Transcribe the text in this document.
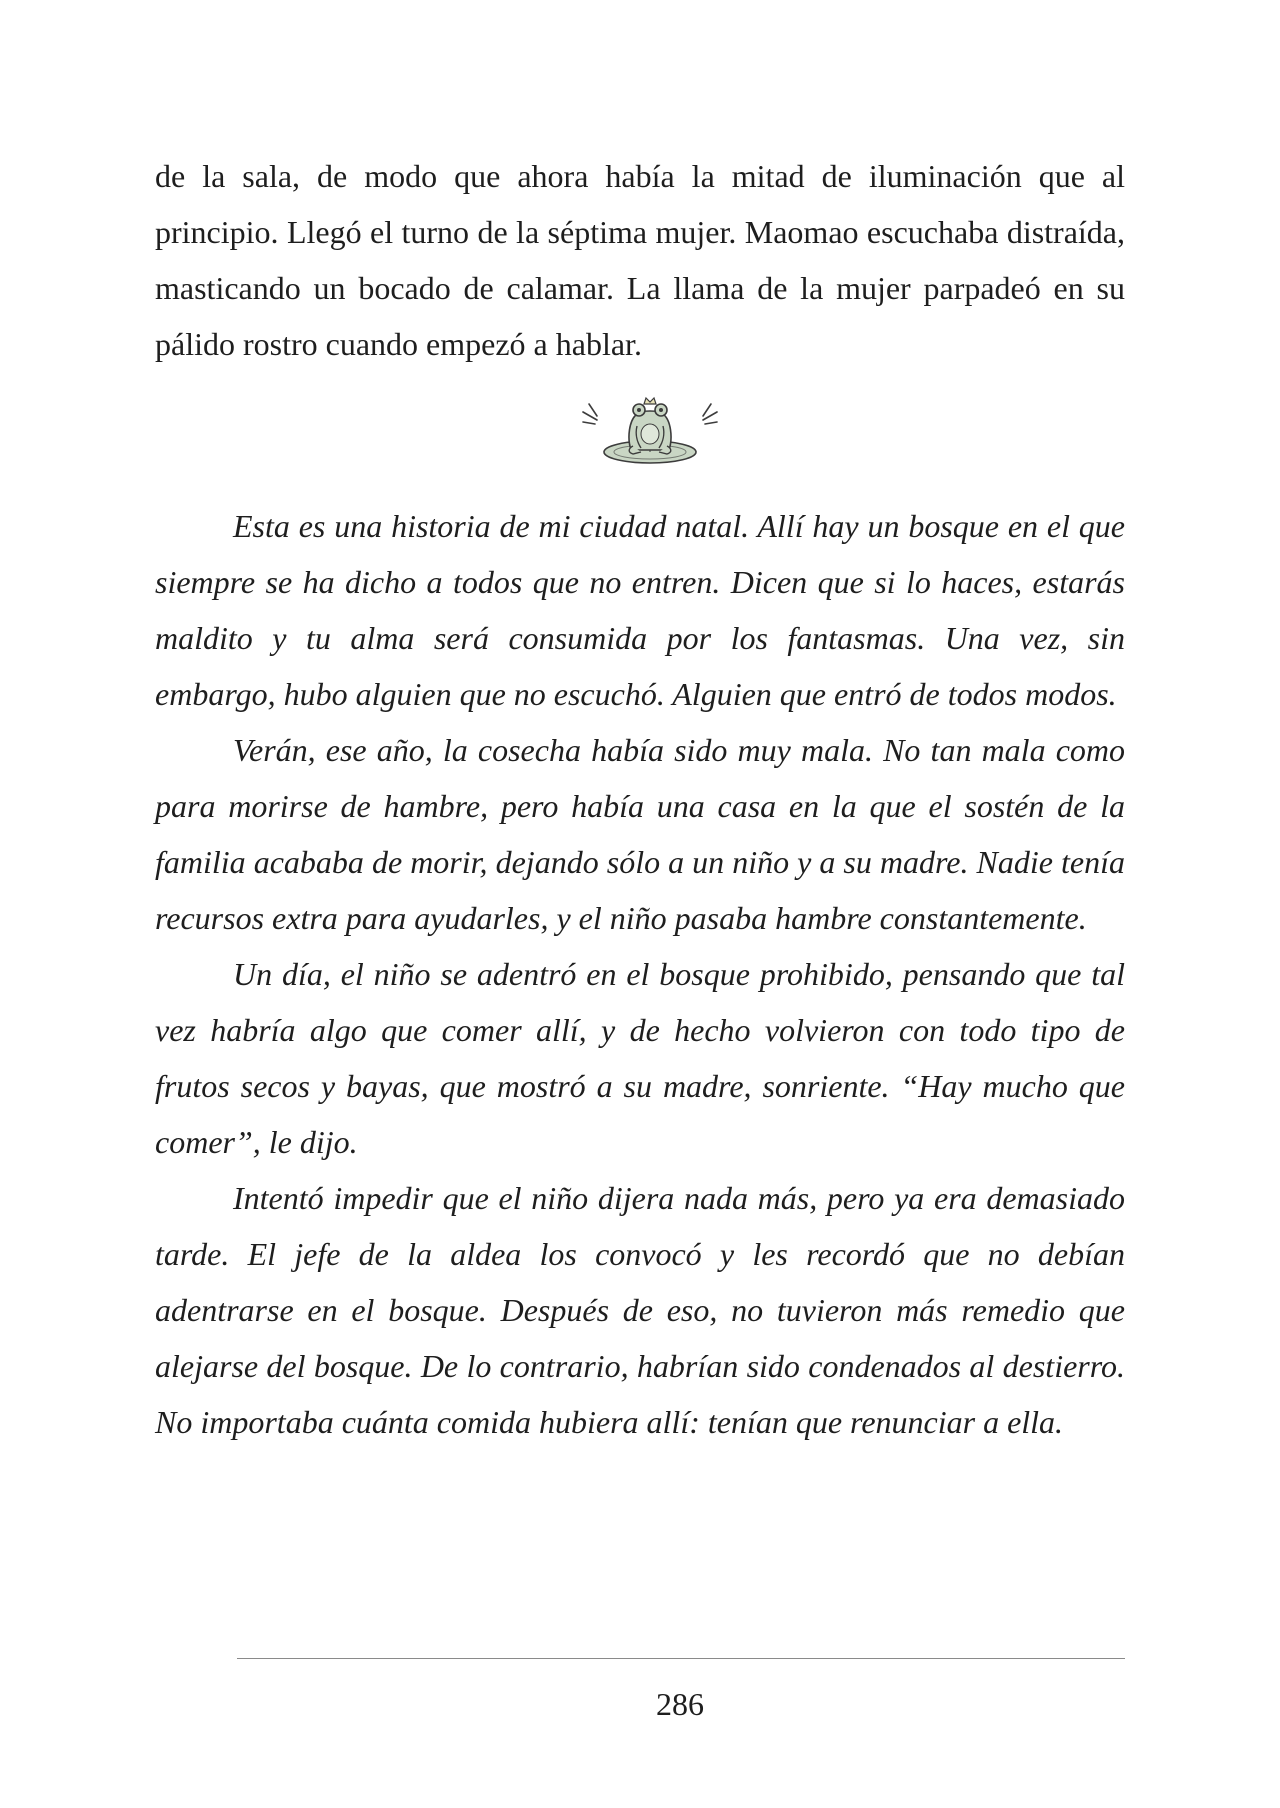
de la sala, de modo que ahora había la mitad de iluminación que al principio. Llegó el turno de la séptima mujer. Maomao escuchaba distraída, masticando un bocado de calamar. La llama de la mujer parpadeó en su pálido rostro cuando empezó a hablar.

Esta es una historia de mi ciudad natal. Allí hay un bosque en el que siempre se ha dicho a todos que no entren. Dicen que si lo haces, estarás maldito y tu alma será consumida por los fantasmas. Una vez, sin embargo, hubo alguien que no escuchó. Alguien que entró de todos modos.

Verán, ese año, la cosecha había sido muy mala. No tan mala como para morirse de hambre, pero había una casa en la que el sostén de la familia acababa de morir, dejando sólo a un niño y a su madre. Nadie tenía recursos extra para ayudarles, y el niño pasaba hambre constantemente.

Un día, el niño se adentró en el bosque prohibido, pensando que tal vez habría algo que comer allí, y de hecho volvieron con todo tipo de frutos secos y bayas, que mostró a su madre, sonriente. “Hay mucho que comer”, le dijo.

Intentó impedir que el niño dijera nada más, pero ya era demasiado tarde. El jefe de la aldea los convocó y les recordó que no debían adentrarse en el bosque. Después de eso, no tuvieron más remedio que alejarse del bosque. De lo contrario, habrían sido condenados al destierro. No importaba cuánta comida hubiera allí: tenían que renunciar a ella.

286
